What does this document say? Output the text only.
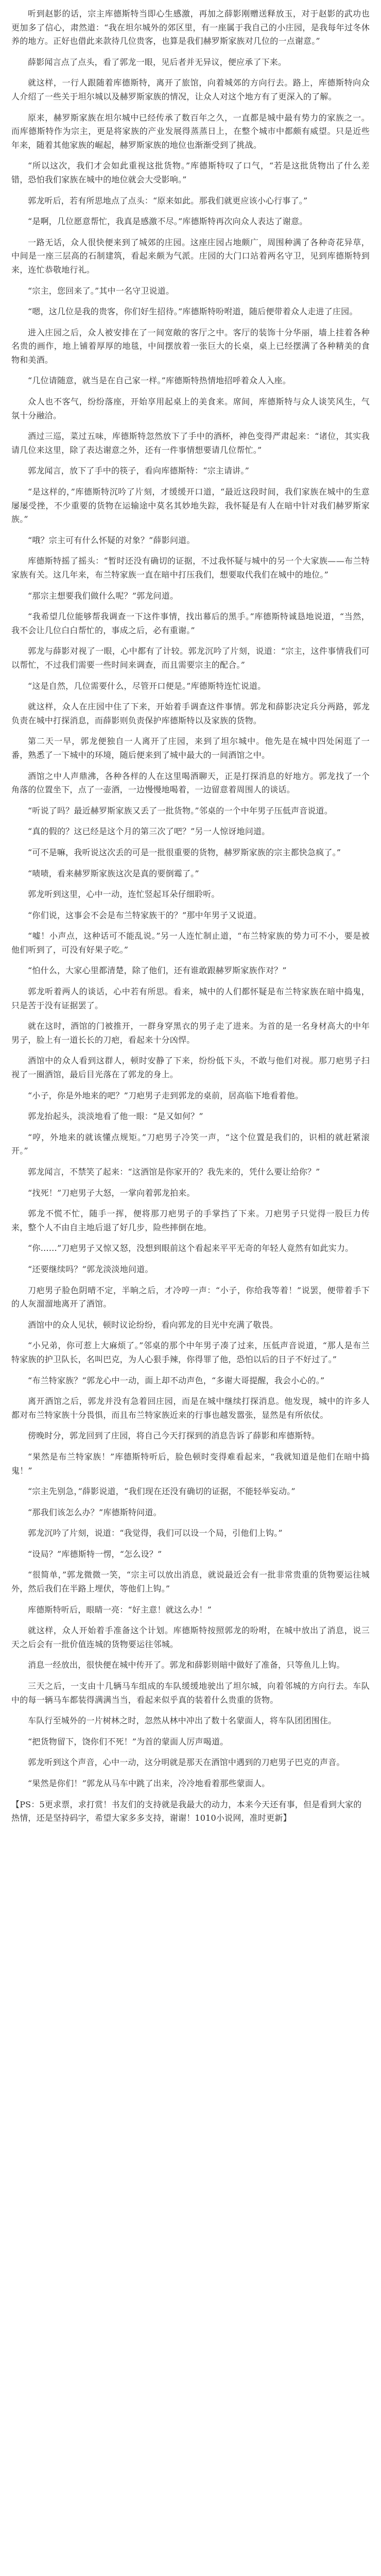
听到赵影的话，宗主库德斯特当即心生感激，再加之薛影刚赠送释放玉，对于赵影的武功也更加多了信心，肃然道：“我在坦尔城外的郊区里，有一座属于我自己的小庄园，是我每年过冬休养的地方。正好也借此来款待几位贵客，也算是我们赫罗斯家族对几位的一点谢意。”

薛影闻言点了点头，看了郭龙一眼，见后者并无异议，便应承了下来。

就这样，一行人跟随着库德斯特，离开了旅馆，向着城郊的方向行去。路上，库德斯特向众人介绍了一些关于坦尔城以及赫罗斯家族的情况，让众人对这个地方有了更深入的了解。

原来，赫罗斯家族在坦尔城中已经传承了数百年之久，一直都是城中最有势力的家族之一。而库德斯特作为宗主，更是将家族的产业发展得蒸蒸日上，在整个城市中都颇有威望。只是近些年来，随着其他家族的崛起，赫罗斯家族的地位也渐渐受到了挑战。

“所以这次，我们才会如此重视这批货物。”库德斯特叹了口气，“若是这批货物出了什么差错，恐怕我们家族在城中的地位就会大受影响。”

郭龙听后，若有所思地点了点头：“原来如此。那我们就更应该小心行事了。”

“是啊，几位愿意帮忙，我真是感激不尽。”库德斯特再次向众人表达了谢意。

一路无话，众人很快便来到了城郊的庄园。这座庄园占地颇广，周围种满了各种奇花异草，中间是一座三层高的石制建筑，看起来颇为气派。庄园的大门口站着两名守卫，见到库德斯特到来，连忙恭敬地行礼。

“宗主，您回来了。”其中一名守卫说道。

“嗯，这几位是我的贵客，你们好生招待。”库德斯特吩咐道，随后便带着众人走进了庄园。

进入庄园之后，众人被安排在了一间宽敞的客厅之中。客厅的装饰十分华丽，墙上挂着各种名贵的画作，地上铺着厚厚的地毯，中间摆放着一张巨大的长桌，桌上已经摆满了各种精美的食物和美酒。

“几位请随意，就当是在自己家一样。”库德斯特热情地招呼着众人入座。

众人也不客气，纷纷落座，开始享用起桌上的美食来。席间，库德斯特与众人谈笑风生，气氛十分融洽。

酒过三巡，菜过五味，库德斯特忽然放下了手中的酒杯，神色变得严肃起来：“诸位，其实我请几位来这里，除了表达谢意之外，还有一件事情想要请几位帮忙。”

郭龙闻言，放下了手中的筷子，看向库德斯特：“宗主请讲。”

“是这样的，”库德斯特沉吟了片刻，才缓缓开口道，“最近这段时间，我们家族在城中的生意屡屡受挫，不少重要的货物在运输途中莫名其妙地失踪，我怀疑是有人在暗中针对我们赫罗斯家族。”

“哦？宗主可有什么怀疑的对象？”薛影问道。

库德斯特摇了摇头：“暂时还没有确切的证据，不过我怀疑与城中的另一个大家族——布兰特家族有关。这几年来，布兰特家族一直在暗中打压我们，想要取代我们在城中的地位。”

“那宗主想要我们做什么呢？”郭龙问道。

“我希望几位能够帮我调查一下这件事情，找出幕后的黑手。”库德斯特诚恳地说道，“当然，我不会让几位白白帮忙的，事成之后，必有重谢。”

郭龙与薛影对视了一眼，心中都有了计较。郭龙沉吟了片刻，说道：“宗主，这件事情我们可以帮忙，不过我们需要一些时间来调查，而且需要宗主的配合。”

“这是自然，几位需要什么，尽管开口便是。”库德斯特连忙说道。

就这样，众人在庄园中住了下来，开始着手调查这件事情。郭龙和薛影决定兵分两路，郭龙负责在城中打探消息，而薛影则负责保护库德斯特以及家族的货物。

第二天一早，郭龙便独自一人离开了庄园，来到了坦尔城中。他先是在城中四处闲逛了一番，熟悉了一下城中的环境，随后便来到了城中最大的一间酒馆之中。

酒馆之中人声鼎沸，各种各样的人在这里喝酒聊天，正是打探消息的好地方。郭龙找了一个角落的位置坐下，点了一壶酒，一边慢慢地喝着，一边留意着周围人的谈话。

“听说了吗？最近赫罗斯家族又丢了一批货物。”邻桌的一个中年男子压低声音说道。

“真的假的？这已经是这个月的第三次了吧？”另一人惊讶地问道。

“可不是嘛，我听说这次丢的可是一批很重要的货物，赫罗斯家族的宗主都快急疯了。”

“啧啧，看来赫罗斯家族这次是真的要倒霉了。”

郭龙听到这里，心中一动，连忙竖起耳朵仔细聆听。

“你们说，这事会不会是布兰特家族干的？”那中年男子又说道。

“嘘！小声点，这种话可不能乱说。”另一人连忙制止道，“布兰特家族的势力可不小，要是被他们听到了，可没有好果子吃。”

“怕什么，大家心里都清楚，除了他们，还有谁敢跟赫罗斯家族作对？”

郭龙听着两人的谈话，心中若有所思。看来，城中的人们都怀疑是布兰特家族在暗中捣鬼，只是苦于没有证据罢了。

就在这时，酒馆的门被推开，一群身穿黑衣的男子走了进来。为首的是一名身材高大的中年男子，脸上有一道长长的刀疤，看起来十分凶悍。

酒馆中的众人看到这群人，顿时安静了下来，纷纷低下头，不敢与他们对视。那刀疤男子扫视了一圈酒馆，最后目光落在了郭龙的身上。

“小子，你是外地来的吧？”刀疤男子走到郭龙的桌前，居高临下地看着他。

郭龙抬起头，淡淡地看了他一眼：“是又如何？”

“哼，外地来的就该懂点规矩。”刀疤男子冷笑一声，“这个位置是我们的，识相的就赶紧滚开。”

郭龙闻言，不禁笑了起来：“这酒馆是你家开的？我先来的，凭什么要让给你？”

“找死！”刀疤男子大怒，一掌向着郭龙拍来。

郭龙不慌不忙，随手一挥，便将那刀疤男子的手掌挡了下来。刀疤男子只觉得一股巨力传来，整个人不由自主地后退了好几步，险些摔倒在地。

“你……”刀疤男子又惊又怒，没想到眼前这个看起来平平无奇的年轻人竟然有如此实力。

“还要继续吗？”郭龙淡淡地问道。

刀疤男子脸色阴晴不定，半晌之后，才冷哼一声：“小子，你给我等着！”说罢，便带着手下的人灰溜溜地离开了酒馆。

酒馆中的众人见状，顿时议论纷纷，看向郭龙的目光中充满了敬畏。

“小兄弟，你可惹上大麻烦了。”邻桌的那个中年男子凑了过来，压低声音说道，“那人是布兰特家族的护卫队长，名叫巴克，为人心狠手辣，你得罪了他，恐怕以后的日子不好过了。”

“布兰特家族？”郭龙心中一动，面上却不动声色，“多谢大哥提醒，我会小心的。”

离开酒馆之后，郭龙并没有急着回庄园，而是在城中继续打探消息。他发现，城中的许多人都对布兰特家族十分畏惧，而且布兰特家族近来的行事也越发嚣张，显然是有所依仗。

傍晚时分，郭龙回到了庄园，将自己今天打探到的消息告诉了薛影和库德斯特。

“果然是布兰特家族！”库德斯特听后，脸色顿时变得难看起来，“我就知道是他们在暗中捣鬼！”

“宗主先别急，”薛影说道，“我们现在还没有确切的证据，不能轻举妄动。”

“那我们该怎么办？”库德斯特问道。

郭龙沉吟了片刻，说道：“我觉得，我们可以设一个局，引他们上钩。”

“设局？”库德斯特一愣，“怎么设？”

“很简单，”郭龙微微一笑，“宗主可以放出消息，就说最近会有一批非常贵重的货物要运往城外，然后我们在半路上埋伏，等他们上钩。”

库德斯特听后，眼睛一亮：“好主意！就这么办！”

就这样，众人开始着手准备这个计划。库德斯特按照郭龙的吩咐，在城中放出了消息，说三天之后会有一批价值连城的货物要运往邻城。

消息一经放出，很快便在城中传开了。郭龙和薛影则暗中做好了准备，只等鱼儿上钩。

三天之后，一支由十几辆马车组成的车队缓缓地驶出了坦尔城，向着邻城的方向行去。车队中的每一辆马车都装得满满当当，看起来似乎真的装着什么贵重的货物。

车队行至城外的一片树林之时，忽然从林中冲出了数十名蒙面人，将车队团团围住。

“把货物留下，饶你们不死！”为首的蒙面人厉声喝道。

郭龙听到这个声音，心中一动，这分明就是那天在酒馆中遇到的刀疤男子巴克的声音。

“果然是你们！”郭龙从马车中跳了出来，冷冷地看着那些蒙面人。

【PS：5更求票，求打赏！书友们的支持就是我最大的动力，本来今天还有事，但是看到大家的热情，还是坚持码字，希望大家多多支持，谢谢！1010小说网，准时更新】
